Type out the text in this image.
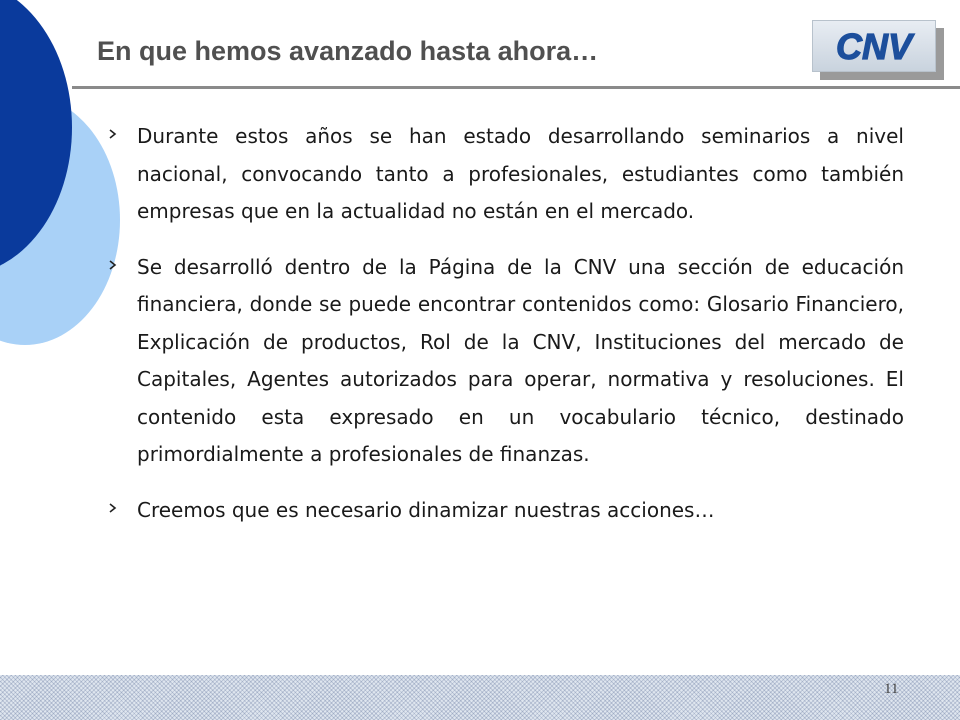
En que hemos avanzado hasta ahora…	CNV
Durante estos años se han estado desarrollando seminarios a nivel nacional, convocando tanto a profesionales, estudiantes como también empresas que en la actualidad no están en el mercado.
Se desarrolló dentro de la Página de la CNV una sección de educación financiera, donde se puede encontrar contenidos como: Glosario Financiero, Explicación de productos, Rol de la CNV, Instituciones del mercado de Capitales, Agentes autorizados para operar, normativa y resoluciones. El contenido esta expresado en un vocabulario técnico, destinado primordialmente a profesionales de finanzas.
Creemos que es necesario dinamizar nuestras acciones…
11
